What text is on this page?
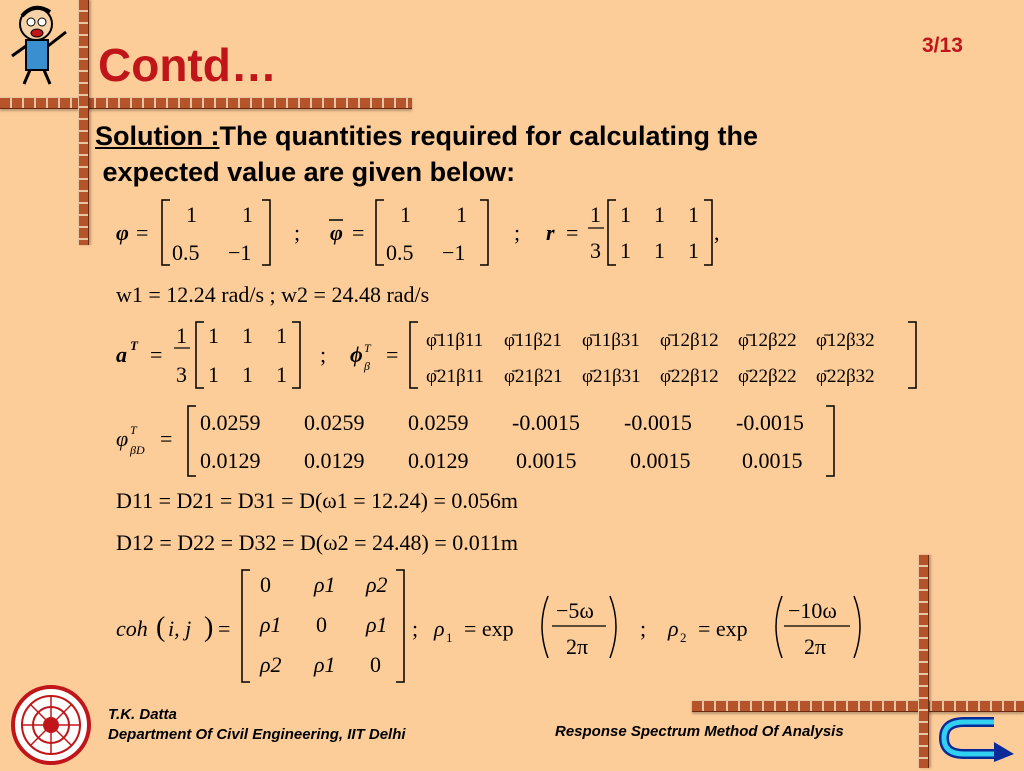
Contd…	3/13
Solution :The quantities required for calculating the
expected value are given below:
φ =
1 1
0.5 −1
; φ =
1 1
0.5 −1
; r =
1
3
1 1 1
1 1 1
,
w1 = 12.24 rad/s ; w2 = 24.48 rad/s
a T =
1
3
1 1 1
1 1 1
; ϕ T
β =
φ̄11β11 φ̄11β21 φ̄11β31 φ̄12β12 φ̄12β22 φ̄12β32
φ̄21β11 φ̄21β21 φ̄21β31 φ̄22β12 φ̄22β22 φ̄22β32
φ T
βD =
0.0259 0.0259 0.0259 -0.0015 -0.0015 -0.0015
0.0129 0.0129 0.0129 0.0015 0.0015 0.0015
D11 = D21 = D31 = D(ω1 = 12.24) = 0.056m
D12 = D22 = D32 = D(ω2 = 24.48) = 0.011m
coh ( i, j ) =
0 ρ1 ρ2
ρ1 0 ρ1
ρ2 ρ1 0
; ρ 1 = exp
−5ω
2π
; ρ 2 = exp
−10ω
2π
T.K. Datta
Department Of Civil Engineering, IIT Delhi	Response Spectrum Method Of Analysis
